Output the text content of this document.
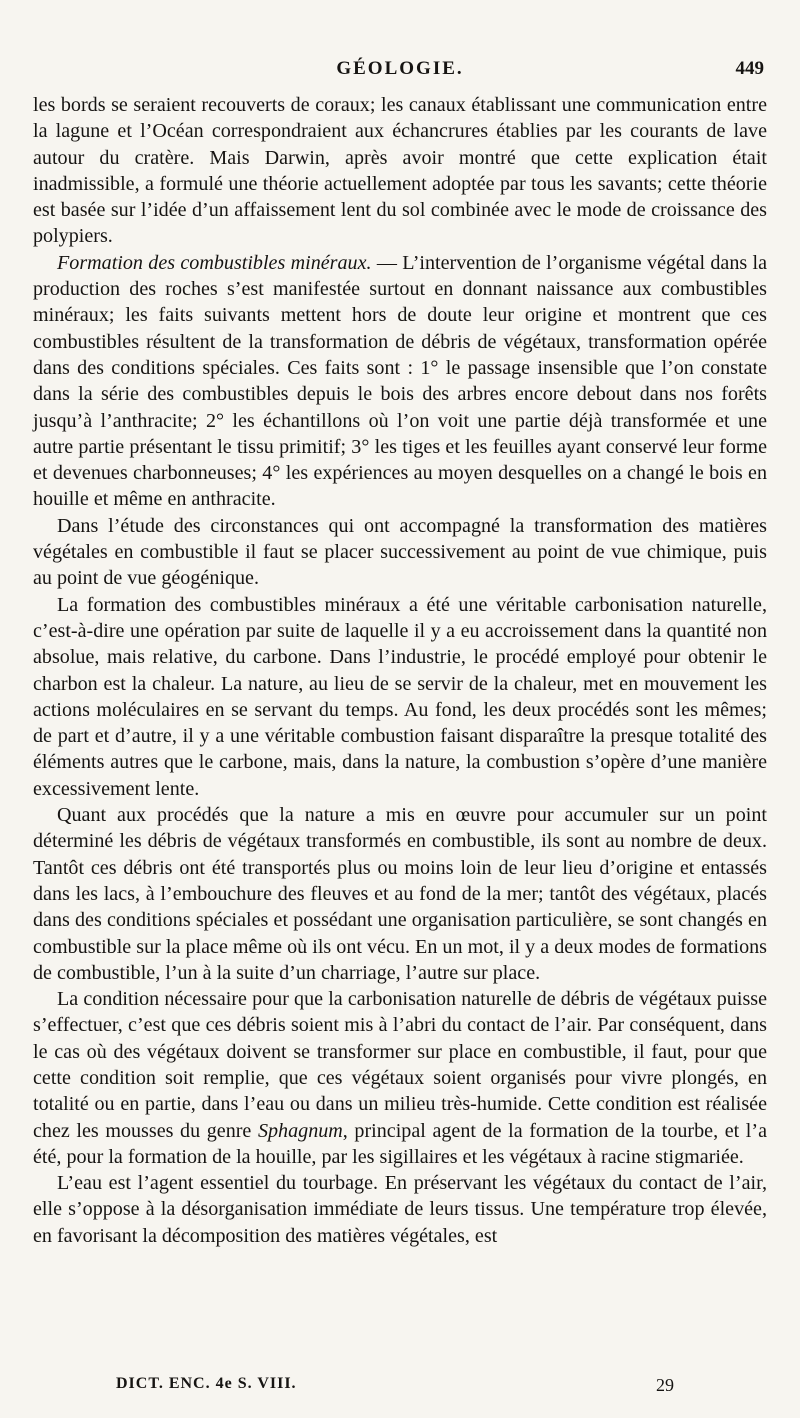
GÉOLOGIE.	449

les bords se seraient recouverts de coraux; les canaux établissant une communication entre la lagune et l’Océan correspondraient aux échancrures établies par les courants de lave autour du cratère. Mais Darwin, après avoir montré que cette explication était inadmissible, a formulé une théorie actuellement adoptée par tous les savants; cette théorie est basée sur l’idée d’un affaissement lent du sol combinée avec le mode de croissance des polypiers.

Formation des combustibles minéraux. — L’intervention de l’organisme végétal dans la production des roches s’est manifestée surtout en donnant naissance aux combustibles minéraux; les faits suivants mettent hors de doute leur origine et montrent que ces combustibles résultent de la transformation de débris de végétaux, transformation opérée dans des conditions spéciales. Ces faits sont : 1° le passage insensible que l’on constate dans la série des combustibles depuis le bois des arbres encore debout dans nos forêts jusqu’à l’anthracite; 2° les échantillons où l’on voit une partie déjà transformée et une autre partie présentant le tissu primitif; 3° les tiges et les feuilles ayant conservé leur forme et devenues charbonneuses; 4° les expériences au moyen desquelles on a changé le bois en houille et même en anthracite.

Dans l’étude des circonstances qui ont accompagné la transformation des matières végétales en combustible il faut se placer successivement au point de vue chimique, puis au point de vue géogénique.

La formation des combustibles minéraux a été une véritable carbonisation naturelle, c’est-à-dire une opération par suite de laquelle il y a eu accroissement dans la quantité non absolue, mais relative, du carbone. Dans l’industrie, le procédé employé pour obtenir le charbon est la chaleur. La nature, au lieu de se servir de la chaleur, met en mouvement les actions moléculaires en se servant du temps. Au fond, les deux procédés sont les mêmes; de part et d’autre, il y a une véritable combustion faisant disparaître la presque totalité des éléments autres que le carbone, mais, dans la nature, la combustion s’opère d’une manière excessivement lente.

Quant aux procédés que la nature a mis en œuvre pour accumuler sur un point déterminé les débris de végétaux transformés en combustible, ils sont au nombre de deux. Tantôt ces débris ont été transportés plus ou moins loin de leur lieu d’origine et entassés dans les lacs, à l’embouchure des fleuves et au fond de la mer; tantôt des végétaux, placés dans des conditions spéciales et possédant une organisation particulière, se sont changés en combustible sur la place même où ils ont vécu. En un mot, il y a deux modes de formations de combustible, l’un à la suite d’un charriage, l’autre sur place.

La condition nécessaire pour que la carbonisation naturelle de débris de végétaux puisse s’effectuer, c’est que ces débris soient mis à l’abri du contact de l’air. Par conséquent, dans le cas où des végétaux doivent se transformer sur place en combustible, il faut, pour que cette condition soit remplie, que ces végétaux soient organisés pour vivre plongés, en totalité ou en partie, dans l’eau ou dans un milieu très-humide. Cette condition est réalisée chez les mousses du genre Sphagnum, principal agent de la formation de la tourbe, et l’a été, pour la formation de la houille, par les sigillaires et les végétaux à racine stigmariée.

L’eau est l’agent essentiel du tourbage. En préservant les végétaux du contact de l’air, elle s’oppose à la désorganisation immédiate de leurs tissus. Une température trop élevée, en favorisant la décomposition des matières végétales, est

DICT. ENC. 4e S. VIII.	29
